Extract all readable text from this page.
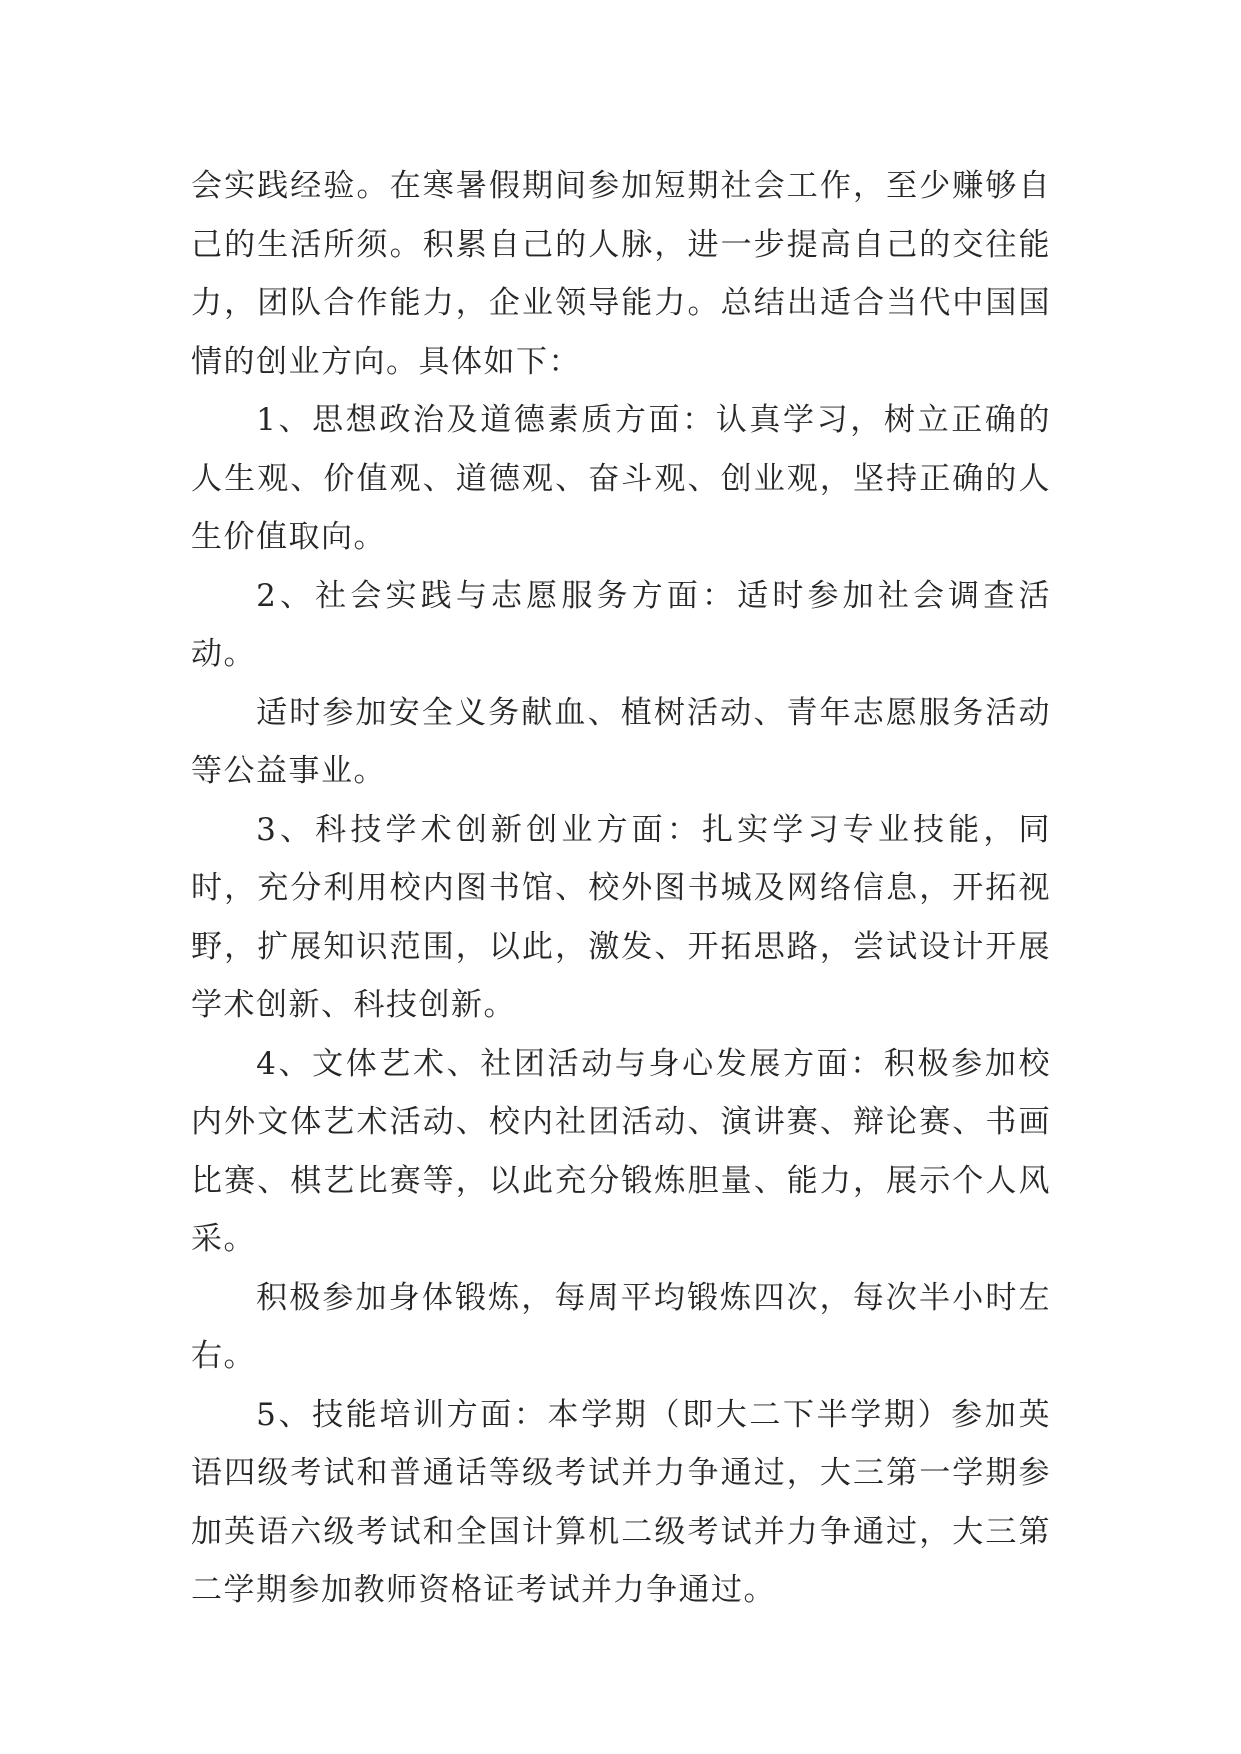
会实践经验。在寒暑假期间参加短期社会工作，至少赚够自己的生活所须。积累自己的人脉，进一步提高自己的交往能力，团队合作能力，企业领导能力。总结出适合当代中国国情的创业方向。具体如下：

1、思想政治及道德素质方面：认真学习，树立正确的人生观、价值观、道德观、奋斗观、创业观，坚持正确的人生价值取向。

2、社会实践与志愿服务方面：适时参加社会调查活动。

适时参加安全义务献血、植树活动、青年志愿服务活动等公益事业。

3、科技学术创新创业方面：扎实学习专业技能，同时，充分利用校内图书馆、校外图书城及网络信息，开拓视野，扩展知识范围，以此，激发、开拓思路，尝试设计开展学术创新、科技创新。

4、文体艺术、社团活动与身心发展方面：积极参加校内外文体艺术活动、校内社团活动、演讲赛、辩论赛、书画比赛、棋艺比赛等，以此充分锻炼胆量、能力，展示个人风采。

积极参加身体锻炼，每周平均锻炼四次，每次半小时左右。

5、技能培训方面：本学期（即大二下半学期）参加英语四级考试和普通话等级考试并力争通过，大三第一学期参加英语六级考试和全国计算机二级考试并力争通过，大三第二学期参加教师资格证考试并力争通过。
